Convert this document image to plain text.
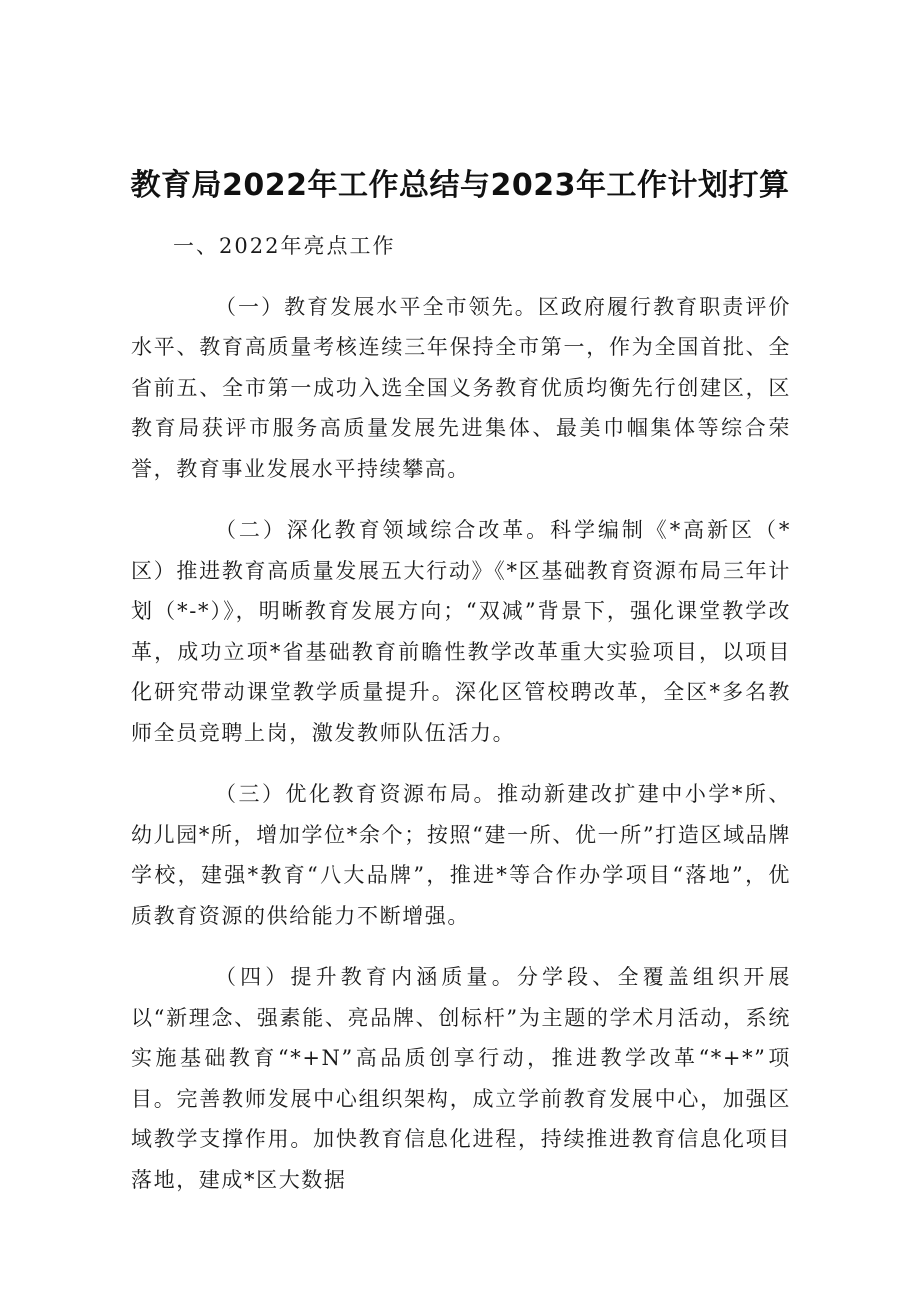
教育局2022年工作总结与2023年工作计划打算

一、2022年亮点工作

（一）教育发展水平全市领先。区政府履行教育职责评价水平、教育高质量考核连续三年保持全市第一，作为全国首批、全省前五、全市第一成功入选全国义务教育优质均衡先行创建区，区教育局获评市服务高质量发展先进集体、最美巾帼集体等综合荣誉，教育事业发展水平持续攀高。

（二）深化教育领域综合改革。科学编制《*高新区（*区）推进教育高质量发展五大行动》《*区基础教育资源布局三年计划（*-*）》，明晰教育发展方向；“双减”背景下，强化课堂教学改革，成功立项*省基础教育前瞻性教学改革重大实验项目，以项目化研究带动课堂教学质量提升。深化区管校聘改革，全区*多名教师全员竞聘上岗，激发教师队伍活力。

（三）优化教育资源布局。推动新建改扩建中小学*所、幼儿园*所，增加学位*余个；按照“建一所、优一所”打造区域品牌学校，建强*教育“八大品牌”，推进*等合作办学项目“落地”，优质教育资源的供给能力不断增强。

（四）提升教育内涵质量。分学段、全覆盖组织开展以“新理念、强素能、亮品牌、创标杆”为主题的学术月活动，系统实施基础教育“*+N”高品质创享行动，推进教学改革“*+*”项目。完善教师发展中心组织架构，成立学前教育发展中心，加强区域教学支撑作用。加快教育信息化进程，持续推进教育信息化项目落地，建成*区大数据
